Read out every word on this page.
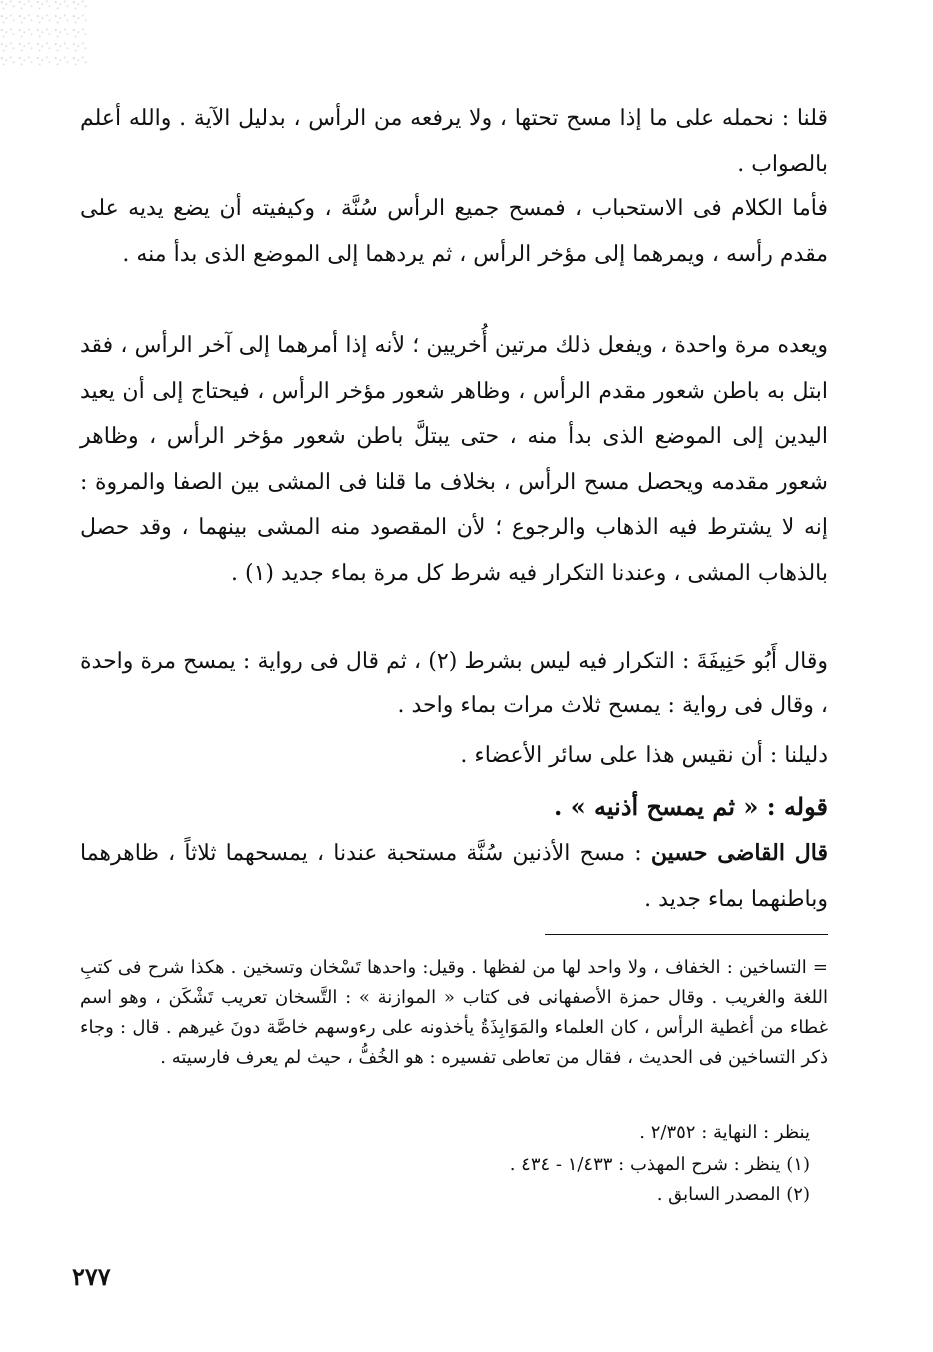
قلنا : نحمله على ما إذا مسح تحتها ، ولا يرفعه من الرأس ، بدليل الآية . والله أعلم بالصواب .

فأما الكلام فى الاستحباب ، فمسح جميع الرأس سُنَّة ، وكيفيته أن يضع يديه على مقدم رأسه ، ويمرهما إلى مؤخر الرأس ، ثم يردهما إلى الموضع الذى بدأ منه .

ويعده مرة واحدة ، ويفعل ذلك مرتين أُخريين ؛ لأنه إذا أمرهما إلى آخر الرأس ، فقد ابتل به باطن شعور مقدم الرأس ، وظاهر شعور مؤخر الرأس ، فيحتاج إلى أن يعيد اليدين إلى الموضع الذى بدأ منه ، حتى يبتلَّ باطن شعور مؤخر الرأس ، وظاهر شعور مقدمه ويحصل مسح الرأس ، بخلاف ما قلنا فى المشى بين الصفا والمروة : إنه لا يشترط فيه الذهاب والرجوع ؛ لأن المقصود منه المشى بينهما ، وقد حصل بالذهاب المشى ، وعندنا التكرار فيه شرط كل مرة بماء جديد (١) .

وقال أَبُو حَنِيفَةَ : التكرار فيه ليس بشرط (٢) ، ثم قال فى رواية : يمسح مرة واحدة ، وقال فى رواية : يمسح ثلاث مرات بماء واحد .

دليلنا : أن نقيس هذا على سائر الأعضاء .

قوله : « ثم يمسح أذنيه » .

قال القاضى حسين : مسح الأذنين سُنَّة مستحبة عندنا ، يمسحهما ثلاثاً ، ظاهرهما وباطنهما بماء جديد .

= التساخين : الخفاف ، ولا واحد لها من لفظها . وقيل: واحدها تَسْخان وتسخين . هكذا شرح فى كتبِ اللغة والغريب . وقال حمزة الأصفهانى فى كتاب « الموازنة » : التَّسخان تعريب تَشْكَن ، وهو اسم غطاء من أغطية الرأس ، كان العلماء والمَوَابِذَةُ يأخذونه على رءوسهم خاصَّة دونَ غيرهم . قال : وجاء ذكر التساخين فى الحديث ، فقال من تعاطى تفسيره : هو الخُفُّ ، حيث لم يعرف فارسيته .

ينظر : النهاية : ٢/٣٥٢ .

(١) ينظر : شرح المهذب : ١/٤٣٣ - ٤٣٤ .

(٢) المصدر السابق .

٢٧٧
